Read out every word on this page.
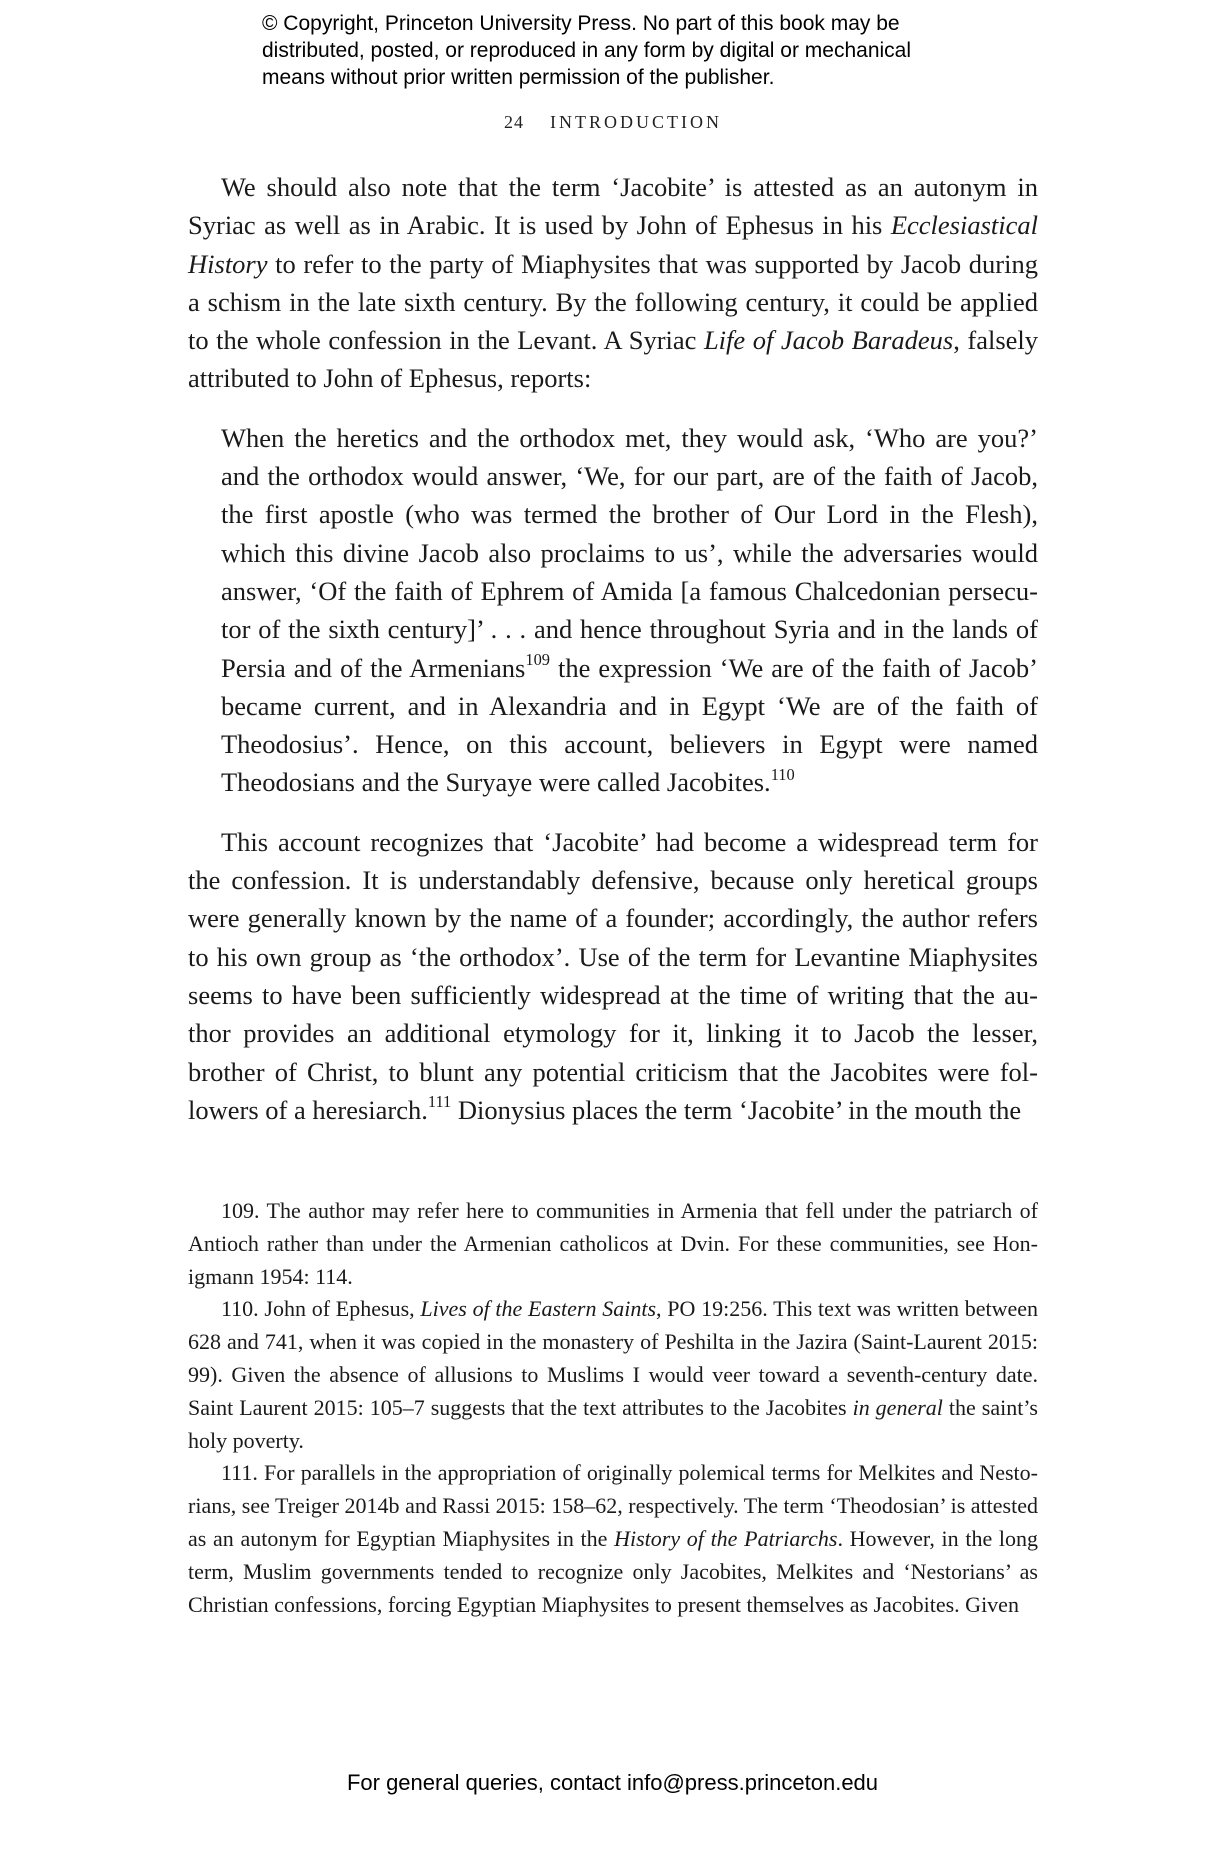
© Copyright, Princeton University Press. No part of this book may be
distributed, posted, or reproduced in any form by digital or mechanical
means without prior written permission of the publisher.
24 INTRODUCTION

We should also note that the term ‘Jacobite’ is attested as an autonym in Syriac as well as in Arabic. It is used by John of Ephesus in his Ecclesiastical History to refer to the party of Miaphysites that was supported by Jacob during a schism in the late sixth century. By the following century, it could be applied to the whole confession in the Levant. A Syriac Life of Jacob Baradeus, falsely attributed to John of Ephesus, reports:

When the heretics and the orthodox met, they would ask, ‘Who are you?’ and the orthodox would answer, ‘We, for our part, are of the faith of Jacob, the first apostle (who was termed the brother of Our Lord in the Flesh), which this divine Jacob also proclaims to us’, while the adversaries would answer, ‘Of the faith of Ephrem of Amida [a famous Chalcedonian persecu-tor of the sixth century]’ . . . and hence throughout Syria and in the lands of Persia and of the Armenians$^{109}$ the expression ‘We are of the faith of Jacob’ became current, and in Alexandria and in Egypt ‘We are of the faith of Theodosius’. Hence, on this account, believers in Egypt were named Theodosians and the Suryaye were called Jacobites.$^{110}$

This account recognizes that ‘Jacobite’ had become a widespread term for the confession. It is understandably defensive, because only heretical groups were generally known by the name of a founder; accordingly, the author refers to his own group as ‘the orthodox’. Use of the term for Levantine Miaphysites seems to have been sufficiently widespread at the time of writing that the au-thor provides an additional etymology for it, linking it to Jacob the lesser, brother of Christ, to blunt any potential criticism that the Jacobites were fol-lowers of a heresiarch.$^{111}$ Dionysius places the term ‘Jacobite’ in the mouth the

109. The author may refer here to communities in Armenia that fell under the patriarch of Antioch rather than under the Armenian catholicos at Dvin. For these communities, see Hon-igmann 1954: 114.

110. John of Ephesus, Lives of the Eastern Saints, PO 19:256. This text was written between 628 and 741, when it was copied in the monastery of Peshilta in the Jazira (Saint-Laurent 2015: 99). Given the absence of allusions to Muslims I would veer toward a seventh-century date. Saint Laurent 2015: 105–7 suggests that the text attributes to the Jacobites in general the saint’s holy poverty.

111. For parallels in the appropriation of originally polemical terms for Melkites and Nesto-rians, see Treiger 2014b and Rassi 2015: 158–62, respectively. The term ‘Theodosian’ is attested as an autonym for Egyptian Miaphysites in the History of the Patriarchs. However, in the long term, Muslim governments tended to recognize only Jacobites, Melkites and ‘Nestorians’ as Christian confessions, forcing Egyptian Miaphysites to present themselves as Jacobites. Given

For general queries, contact info@press.princeton.edu
